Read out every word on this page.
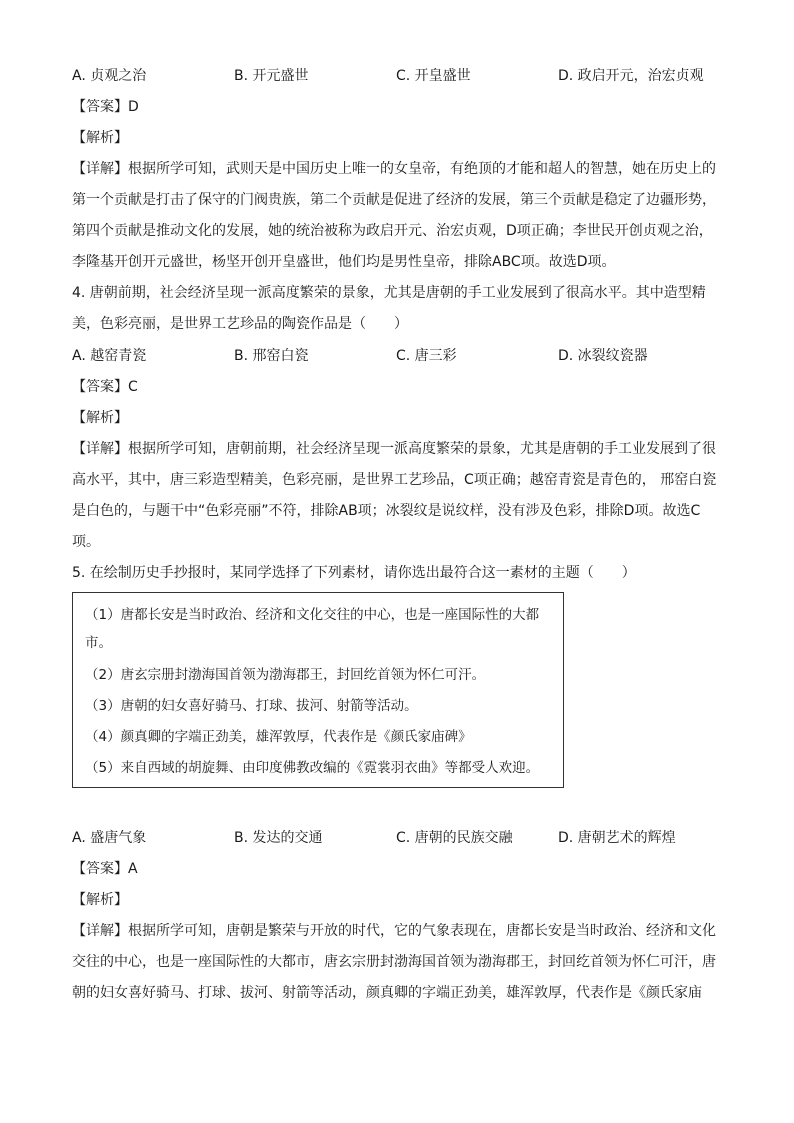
A. 贞观之治	B. 开元盛世	C. 开皇盛世	D. 政启开元，治宏贞观
【答案】D
【解析】
【详解】根据所学可知，武则天是中国历史上唯一的女皇帝，有绝顶的才能和超人的智慧，她在历史上的第一个贡献是打击了保守的门阀贵族，第二个贡献是促进了经济的发展，第三个贡献是稳定了边疆形势，第四个贡献是推动文化的发展，她的统治被称为政启开元、治宏贞观，D项正确；李世民开创贞观之治，李隆基开创开元盛世，杨坚开创开皇盛世，他们均是男性皇帝，排除ABC项。故选D项。
4. 唐朝前期，社会经济呈现一派高度繁荣的景象，尤其是唐朝的手工业发展到了很高水平。其中造型精美，色彩亮丽，是世界工艺珍品的陶瓷作品是（　　）
A. 越窑青瓷	B. 邢窑白瓷	C. 唐三彩	D. 冰裂纹瓷器
【答案】C
【解析】
【详解】根据所学可知，唐朝前期，社会经济呈现一派高度繁荣的景象，尤其是唐朝的手工业发展到了很高水平，其中，唐三彩造型精美，色彩亮丽，是世界工艺珍品，C项正确；越窑青瓷是青色的， 邢窑白瓷是白色的，与题干中“色彩亮丽”不符，排除AB项；冰裂纹是说纹样，没有涉及色彩，排除D项。故选C项。
5. 在绘制历史手抄报时，某同学选择了下列素材，请你选出最符合这一素材的主题（　　）
（1）唐都长安是当时政治、经济和文化交往的中心，也是一座国际性的大都
市。
（2）唐玄宗册封渤海国首领为渤海郡王，封回纥首领为怀仁可汗。
（3）唐朝的妇女喜好骑马、打球、拔河、射箭等活动。
（4）颜真卿的字端正劲美，雄浑敦厚，代表作是《颜氏家庙碑》
（5）来自西域的胡旋舞、由印度佛教改编的《霓裳羽衣曲》等都受人欢迎。
A. 盛唐气象	B. 发达的交通	C. 唐朝的民族交融	D. 唐朝艺术的辉煌
【答案】A
【解析】
【详解】根据所学可知，唐朝是繁荣与开放的时代，它的气象表现在，唐都长安是当时政治、经济和文化交往的中心，也是一座国际性的大都市，唐玄宗册封渤海国首领为渤海郡王，封回纥首领为怀仁可汗，唐朝的妇女喜好骑马、打球、拔河、射箭等活动，颜真卿的字端正劲美，雄浑敦厚，代表作是《颜氏家庙
